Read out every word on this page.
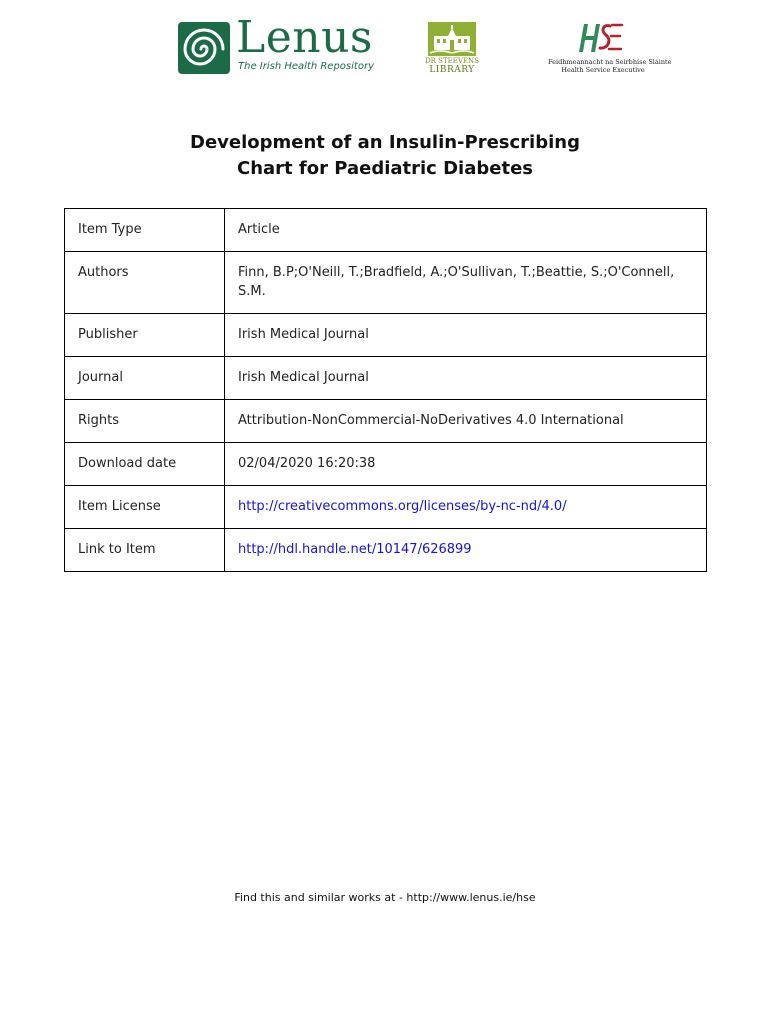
Lenus
The Irish Health Repository	DR STEEVENS
LIBRARY
Feidhmeannacht na Seirbhíse Sláinte
Health Service Executive
Development of an Insulin-Prescribing
Chart for Paediatric Diabetes
Item Type	Article
Authors	Finn, B.P;O'Neill, T.;Bradfield, A.;O'Sullivan, T.;Beattie, S.;O'Connell, S.M.
Publisher	Irish Medical Journal
Journal	Irish Medical Journal
Rights	Attribution-NonCommercial-NoDerivatives 4.0 International
Download date	02/04/2020 16:20:38
Item License	http://creativecommons.org/licenses/by-nc-nd/4.0/
Link to Item	http://hdl.handle.net/10147/626899
Find this and similar works at - http://www.lenus.ie/hse
